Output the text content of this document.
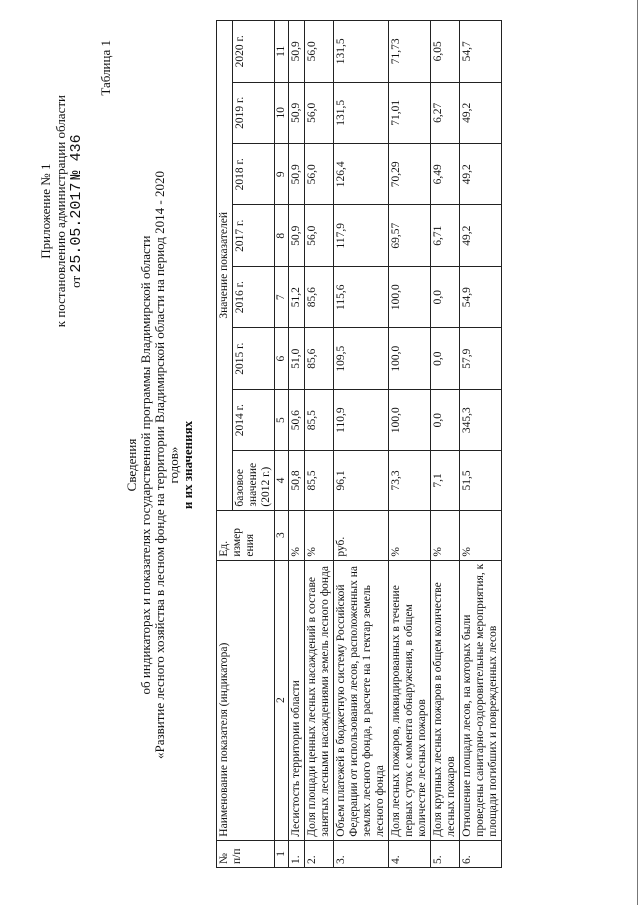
Приложение № 1 к постановлению администрации области от 25.05.2017 № 436
Таблица 1
Сведения об индикаторах и показателях государственной программы Владимирской области «Развитие лесного хозяйства в лесном фонде на территории Владимирской области на период 2014 - 2020 годов» и их значениях
№ п/п	Наименование показателя (индикатора)	Ед. измер ения	Значение показателей							
			базовое значение (2012 г.)	2014 г.	2015 г.	2016 г.	2017 г.	2018 г.	2019 г.	2020 г.
1	2	3	4	5	6	7	8	9	10	11
1.	Лесистость территории области	%	50,8	50,6	51,0	51,2	50,9	50,9	50,9	50,9
2.	Доля площади ценных лесных насаждений в составе занятых лесными насаждениями земель лесного фонда	%	85,5	85,5	85,6	85,6	56,0	56,0	56,0	56,0
3.	Объем платежей в бюджетную систему Российской Федерации от использования лесов, расположенных на землях лесного фонда, в расчете на 1 гектар земель лесного фонда	руб.	96,1	110,9	109,5	115,6	117,9	126,4	131,5	131,5
4.	Доля лесных пожаров, ликвидированных в течение первых суток с момента обнаружения, в общем количестве лесных пожаров	%	73,3	100,0	100,0	100,0	69,57	70,29	71,01	71,73
5.	Доля крупных лесных пожаров в общем количестве лесных пожаров	%	7,1	0,0	0,0	0,0	6,71	6,49	6,27	6,05
6.	Отношение площади лесов, на которых были проведены санитарно-оздоровительные мероприятия, к площади погибших и поврежденных лесов	%	51,5	345,3	57,9	54,9	49,2	49,2	49,2	54,7
